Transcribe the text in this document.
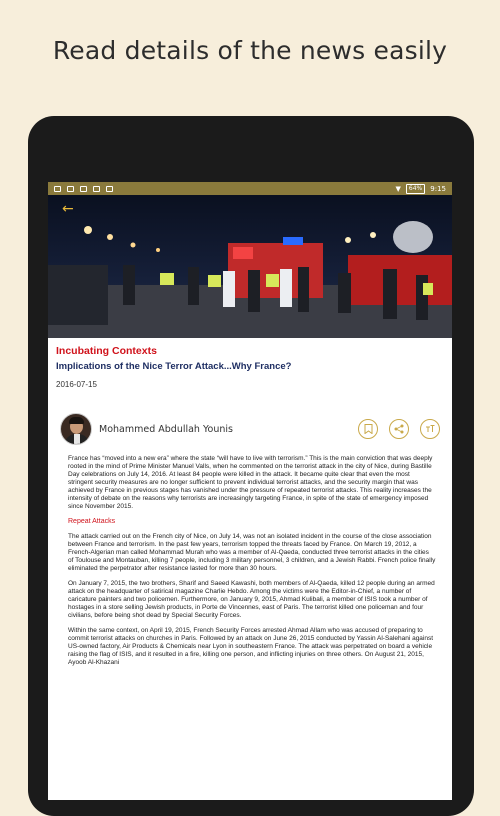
Read details of the news easily
▼	64%	9:15
←
Incubating Contexts
Implications of the Nice Terror Attack...Why France?
2016-07-15
Mohammed Abdullah Younis

France has “moved into a new era” where the state “will have to live with terrorism.” This is the main conviction that was deeply rooted in the mind of Prime Minister Manuel Valls, when he commented on the terrorist attack in the city of Nice, during Bastille Day celebrations on July 14, 2016. At least 84 people were killed in the attack. It became quite clear that even the most stringent security measures are no longer sufficient to prevent individual terrorist attacks, and the security margin that was achieved by France in previous stages has vanished under the pressure of repeated terrorist attacks. This reality increases the intensity of debate on the reasons why terrorists are increasingly targeting France, in spite of the state of emergency imposed since November 2015.

Repeat Attacks

The attack carried out on the French city of Nice, on July 14, was not an isolated incident in the course of the close association between France and terrorism. In the past few years, terrorism topped the threats faced by France. On March 19, 2012, a French-Algerian man called Mohammad Murah who was a member of Al-Qaeda, conducted three terrorist attacks in the cities of Toulouse and Montauban, killing 7 people, including 3 military personnel, 3 children, and a Jewish Rabbi. French police finally eliminated the perpetrator after resistance lasted for more than 30 hours.

On January 7, 2015, the two brothers, Sharif and Saeed Kawashi, both members of Al-Qaeda, killed 12 people during an armed attack on the headquarter of satirical magazine Charlie Hebdo. Among the victims were the Editor-in-Chief, a number of caricature painters and two policemen. Furthermore, on January 9, 2015, Ahmad Kulibali, a member of ISIS took a number of hostages in a store selling Jewish products, in Porte de Vincennes, east of Paris. The terrorist killed one policeman and four civilians, before being shot dead by Special Security Forces.

Within the same context, on April 19, 2015, French Security Forces arrested Ahmad Allam who was accused of preparing to commit terrorist attacks on churches in Paris. Followed by an attack on June 26, 2015 conducted by Yassin Al-Salehani against US-owned factory, Air Products & Chemicals near Lyon in southeastern France. The attack was perpetrated on board a vehicle raising the flag of ISIS, and it resulted in a fire, killing one person, and inflicting injuries on three others. On August 21, 2015, Ayoob Al-Khazani
